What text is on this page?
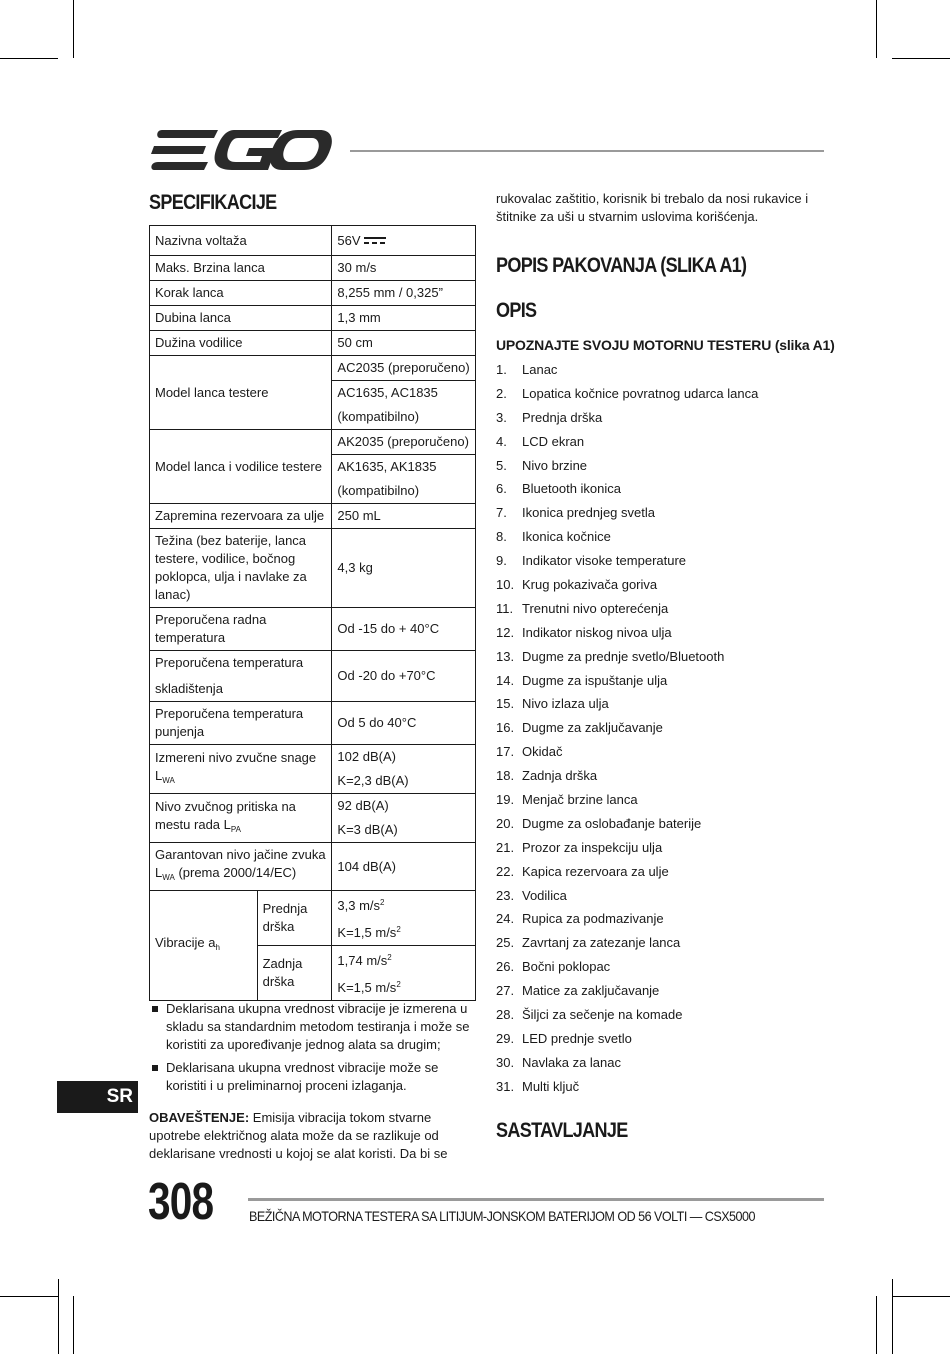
SPECIFIKACIJE
Nazivna voltaža		56V
Maks. Brzina lanca		30 m/s
Korak lanca		8,255 mm / 0,325”
Dubina lanca		1,3 mm
Dužina vodilice		50 cm
Model lanca testere		AC2035 (preporučeno)
AC1635, AC1835
(kompatibilno)

Model lanca i vodilice testere		AK2035 (preporučeno)
AK1635, AK1835
(kompatibilno)

Zapremina rezervoara za ulje		250 mL
Težina (bez baterije, lanca testere, vodilice, bočnog poklopca, ulja i navlake za lanac)		4,3 kg
Preporučena radna temperatura		Od -15 do + 40°C

Preporučena temperatura
skladištenja		Od -20 do +70°C
Preporučena temperatura punjenja		Od 5 do 40°C
Izmereni nivo zvučne snage $L_{WA}$		102 dB(A)
K=2,3 dB(A)

Nivo zvučnog pritiska na mestu rada $L_{PA}$		92 dB(A)
K=3 dB(A)

Garantovan nivo jačine zvuka $L_{WA}$ (prema 2000/14/EC)		104 dB(A)
Vibracije $a_h$	Prednja drška	3,3 $m/s^2$
K=1,5 $m/s^2$

	Zadnja drška	1,74 $m/s^2$
K=1,5 $m/s^2$
Deklarisana ukupna vrednost vibracije je izmerena u skladu sa standardnim metodom testiranja i može se koristiti za upoređivanje jednog alata sa drugim;
Deklarisana ukupna vrednost vibracije može se koristiti i u preliminarnoj proceni izlaganja.

OBAVEŠTENJE: Emisija vibracija tokom stvarne upotrebe električnog alata može da se razlikuje od deklarisane vrednosti u kojoj se alat koristi. Da bi se

SR

rukovalac zaštitio, korisnik bi trebalo da nosi rukavice i štitnike za uši u stvarnim uslovima korišćenja.

POPIS PAKOVANJA (SLIKA A1)
OPIS
UPOZNAJTE SVOJU MOTORNU TESTERU (slika A1)
1. Lanac
2. Lopatica kočnice povratnog udarca lanca
3. Prednja drška
4. LCD ekran
5. Nivo brzine
6. Bluetooth ikonica
7. Ikonica prednjeg svetla
8. Ikonica kočnice
9. Indikator visoke temperature
10. Krug pokazivača goriva
11. Trenutni nivo opterećenja
12. Indikator niskog nivoa ulja
13. Dugme za prednje svetlo/Bluetooth
14. Dugme za ispuštanje ulja
15. Nivo izlaza ulja
16. Dugme za zaključavanje
17. Okidač
18. Zadnja drška
19. Menjač brzine lanca
20. Dugme za oslobađanje baterije
21. Prozor za inspekciju ulja
22. Kapica rezervoara za ulje
23. Vodilica
24. Rupica za podmazivanje
25. Zavrtanj za zatezanje lanca
26. Bočni poklopac
27. Matice za zaključavanje
28. Šiljci za sečenje na komade
29. LED prednje svetlo
30. Navlaka za lanac
31. Multi ključ
SASTAVLJANJE
308	BEŽIČNA MOTORNA TESTERA SA LITIJUM-JONSKOM BATERIJOM OD 56 VOLTI — CSX5000
